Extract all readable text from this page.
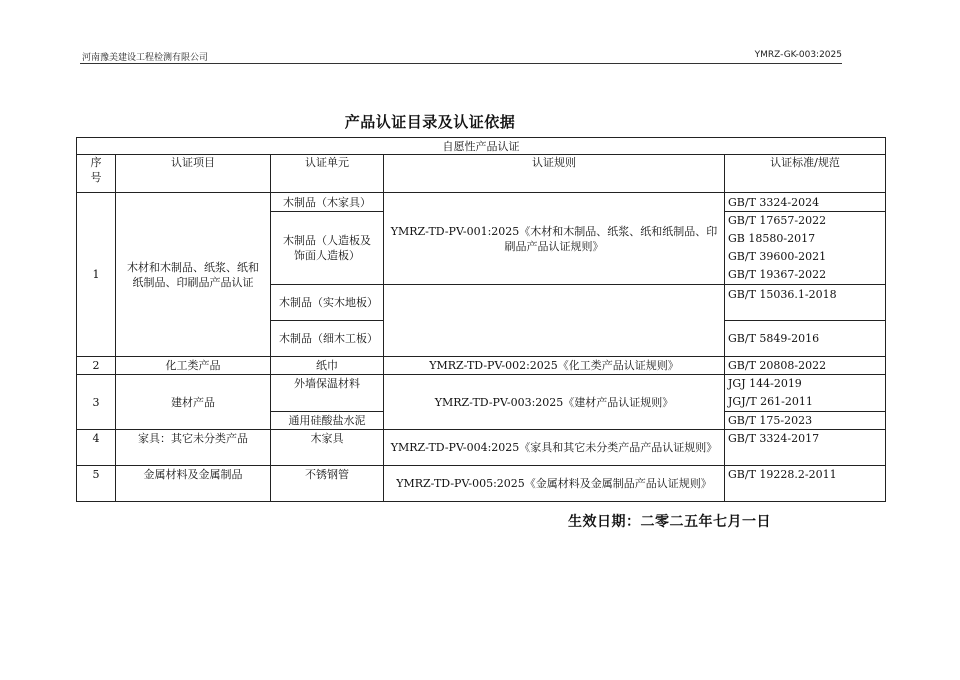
河南豫美建设工程检测有限公司	YMRZ-GK-003:2025
产品认证目录及认证依据
自愿性产品认证				
序号	认证项目	认证单元	认证规则	认证标准/规范
1	木材和木制品、纸浆、纸和纸制品、印刷品产品认证	木制品（木家具）	YMRZ-TD-PV-001:2025《木材和木制品、纸浆、纸和纸制品、印刷品产品认证规则》	GB/T 3324-2024
		木制品（人造板及饰面人造板）		GB/T 17657-2022
GB 18580-2017
GB/T 39600-2021
GB/T 19367-2022

		木制品（实木地板）		GB/T 15036.1-2018
		木制品（细木工板）		GB/T 5849-2016
2	化工类产品	纸巾	YMRZ-TD-PV-002:2025《化工类产品认证规则》	GB/T 20808-2022
3	建材产品	外墙保温材料	YMRZ-TD-PV-003:2025《建材产品认证规则》	JGJ 144-2019
JGJ/T 261-2011

		通用硅酸盐水泥		GB/T 175-2023
4	家具：其它未分类产品	木家具	YMRZ-TD-PV-004:2025《家具和其它未分类产品产品认证规则》	GB/T 3324-2017
5	金属材料及金属制品	不锈钢管	YMRZ-TD-PV-005:2025《金属材料及金属制品产品认证规则》	GB/T 19228.2-2011
生效日期：二零二五年七月一日
